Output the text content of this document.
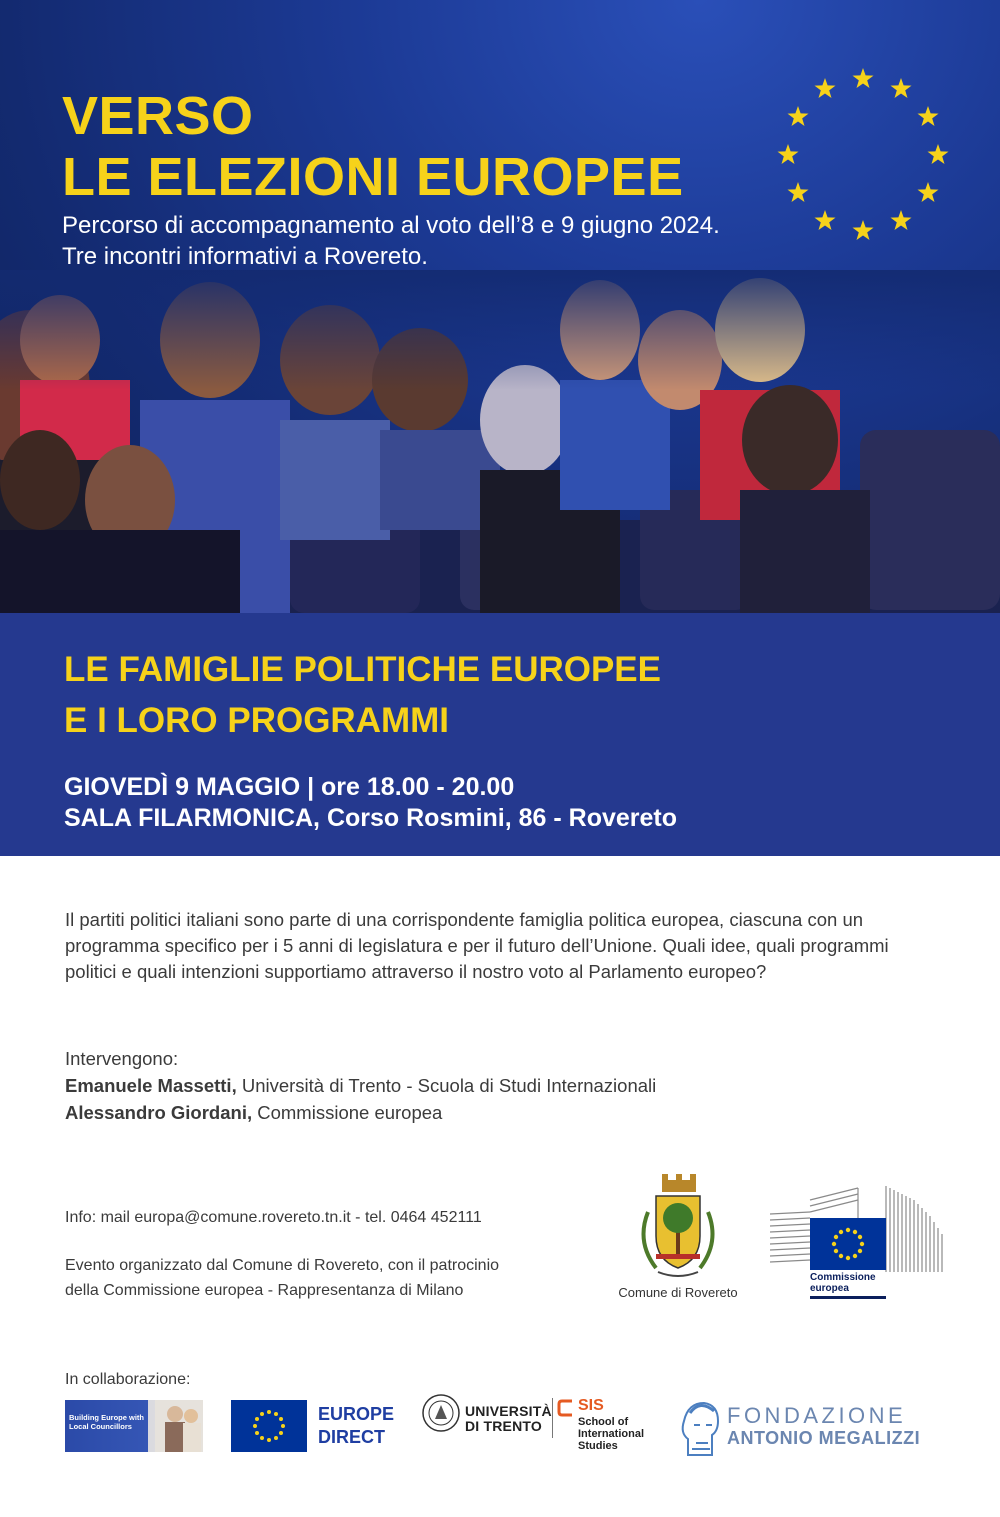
VERSO
LE ELEZIONI EUROPEE
Percorso di accompagnamento al voto dell’8 e 9 giugno 2024.
Tre incontri informativi a Rovereto.
LE FAMIGLIE POLITICHE EUROPEE
E I LORO PROGRAMMI
GIOVEDÌ 9 MAGGIO | ore 18.00 - 20.00
SALA FILARMONICA, Corso Rosmini, 86 - Rovereto

Il partiti politici italiani sono parte di una corrispondente famiglia politica europea, ciascuna con un programma specifico per i 5 anni di legislatura e per il futuro dell’Unione. Quali idee, quali programmi politici e quali intenzioni supportiamo attraverso il nostro voto al Parlamento europeo?

Intervengono:
Emanuele Massetti, Università di Trento - Scuola di Studi Internazionali
Alessandro Giordani, Commissione europea
Info: mail europa@comune.rovereto.tn.it - tel. 0464 452111
Evento organizzato dal Comune di Rovereto, con il patrocinio
della Commissione europea - Rappresentanza di Milano	Comune di Rovereto
Commissione
europea
In collaborazione:
Building Europe with
Local Councillors
EUROPE
DIRECT
UNIVERSITÀ
DI TRENTO
SIS
School of
International
Studies
FONDAZIONE
ANTONIO MEGALIZZI
